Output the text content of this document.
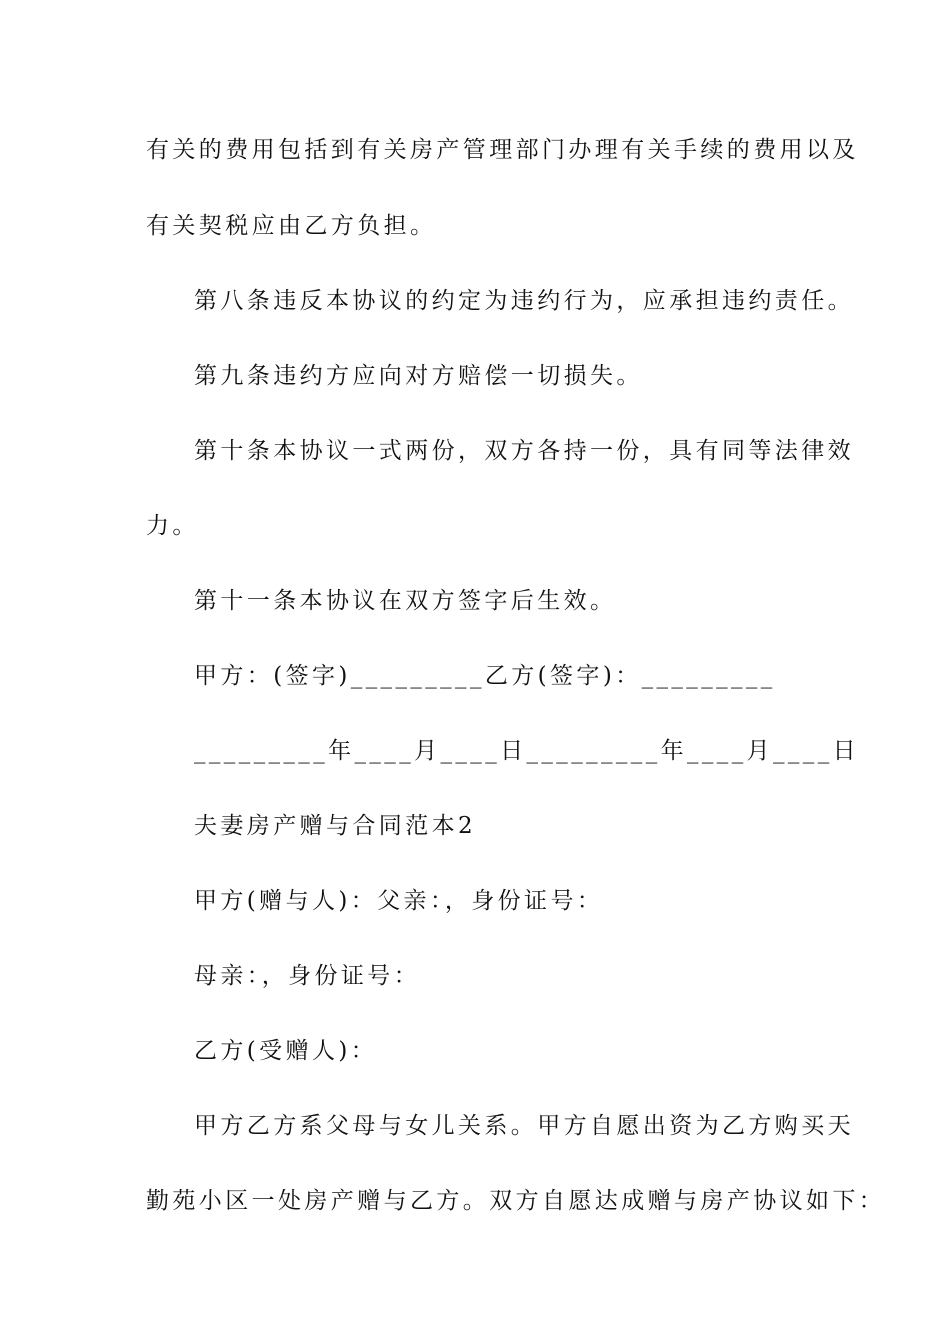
有关的费用包括到有关房产管理部门办理有关手续的费用以及
有关契税应由乙方负担。
第八条违反本协议的约定为违约行为，应承担违约责任。
第九条违约方应向对方赔偿一切损失。
第十条本协议一式两份，双方各持一份，具有同等法律效
力。
第十一条本协议在双方签字后生效。
甲方：(签字)_________乙方(签字)：_________
_________年____月____日_________年____月____日
夫妻房产赠与合同范本2
甲方(赠与人)：父亲：，身份证号：
母亲：，身份证号：
乙方(受赠人)：
甲方乙方系父母与女儿关系。甲方自愿出资为乙方购买天
勤苑小区一处房产赠与乙方。双方自愿达成赠与房产协议如下：
